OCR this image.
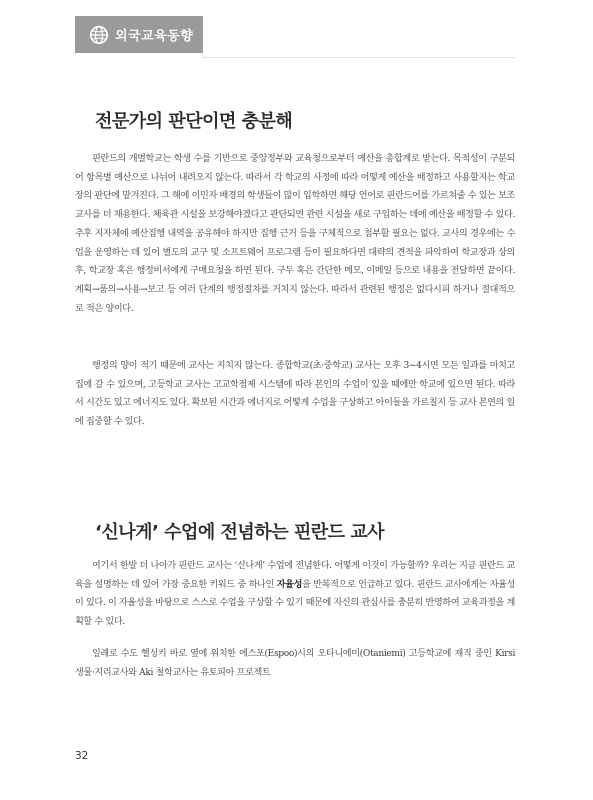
외국교육동향
전문가의 판단이면 충분해

핀란드의 개별학교는 학생 수를 기반으로 중앙정부와 교육청으로부터 예산을 총합계로 받는다. 목적성이 구분되어 항목별 예산으로 나뉘어 내려오지 않는다. 따라서 각 학교의 사정에 따라 어떻게 예산을 배정하고 사용할지는 학교장의 판단에 맡겨진다. 그 해에 이민자 배경의 학생들이 많이 입학하면 해당 언어로 핀란드어를 가르쳐줄 수 있는 보조교사를 더 채용한다. 체육관 시설을 보강해야겠다고 판단되면 관련 시설을 새로 구입하는 데에 예산을 배정할 수 있다. 추후 지자체에 예산집행 내역을 공유해야 하지만 집행 근거 등을 구체적으로 첨부할 필요는 없다. 교사의 경우에는 수업을 운영하는 데 있어 별도의 교구 및 소프트웨어 프로그램 등이 필요하다면 대략의 견적을 파악하여 학교장과 상의 후, 학교장 혹은 행정비서에게 구매요청을 하면 된다. 구두 혹은 간단한 메모, 이메일 등으로 내용을 전달하면 끝이다. 계획→품의→사용→보고 등 여러 단계의 행정절차를 거치지 않는다. 따라서 관련된 행정은 없다시피 하거나 절대적으로 적은 양이다.

행정의 양이 적기 때문에 교사는 지치지 않는다. 종합학교(초·중학교) 교사는 오후 3~4시면 모든 일과를 마치고 집에 갈 수 있으며, 고등학교 교사는 고교학점제 시스템에 따라 본인의 수업이 있을 때에만 학교에 있으면 된다. 따라서 시간도 있고 에너지도 있다. 확보된 시간과 에너지로 어떻게 수업을 구상하고 아이들을 가르칠지 등 교사 본연의 일에 집중할 수 있다.

‘신나게’ 수업에 전념하는 핀란드 교사

여기서 한발 더 나아가 핀란드 교사는 ‘신나게’ 수업에 전념한다. 어떻게 이것이 가능할까? 우리는 지금 핀란드 교육을 설명하는 데 있어 가장 중요한 키워드 중 하나인 자율성을 반복적으로 언급하고 있다. 핀란드 교사에게는 자율성이 있다. 이 자율성을 바탕으로 스스로 수업을 구상할 수 있기 때문에 자신의 관심사를 충분히 반영하여 교육과정을 계획할 수 있다.

일례로 수도 헬싱키 바로 옆에 위치한 에스포(Espoo)시의 오타니에미(Otaniemi) 고등학교에 재직 중인 Kirsi 생물·지리교사와 Aki 철학교사는 유토피아 프로젝트

32
